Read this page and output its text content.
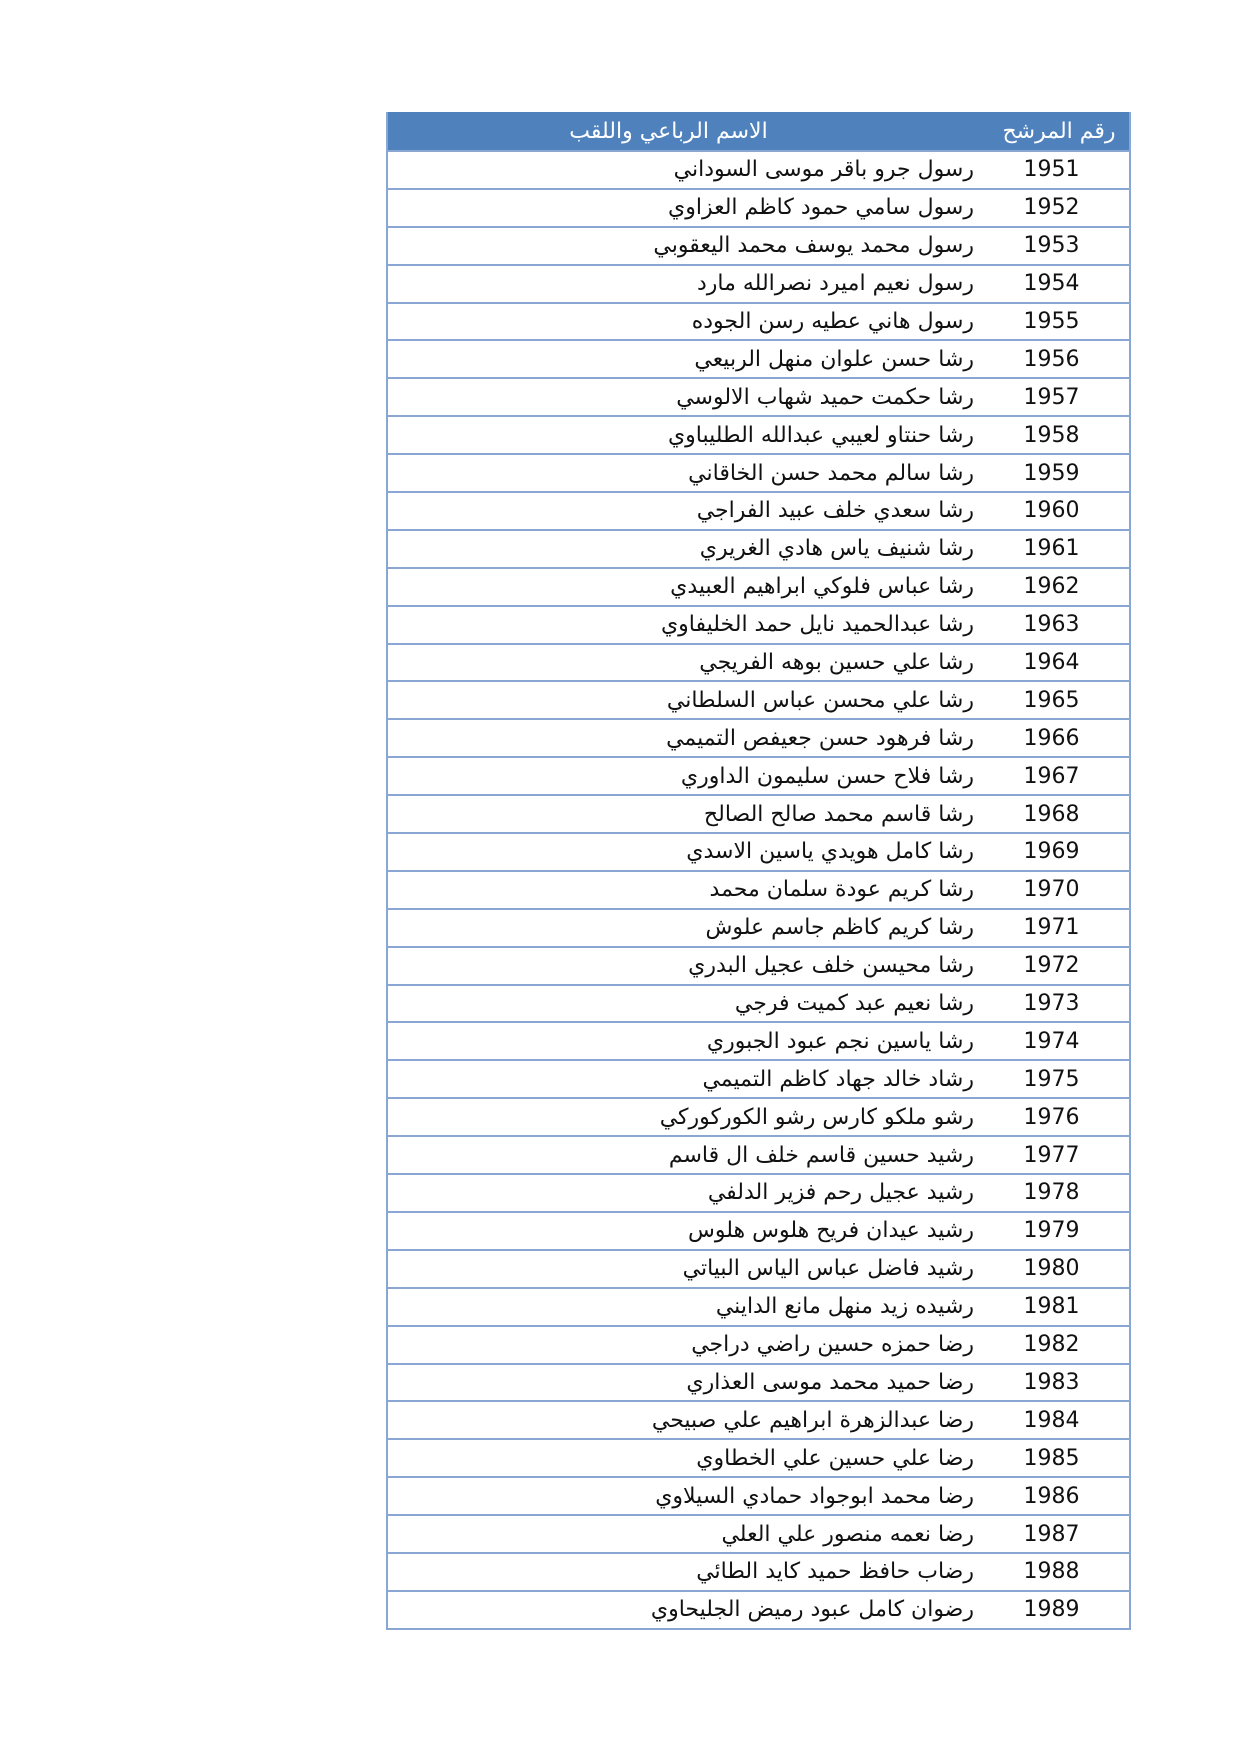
رقم المرشح
الاسم الرباعي واللقب
1951
رسول جرو باقر موسى السوداني
1952
رسول سامي حمود كاظم العزاوي
1953
رسول محمد يوسف محمد اليعقوبي
1954
رسول نعيم اميرد نصرالله مارد
1955
رسول هاني عطيه رسن الجوده
1956
رشا حسن علوان منهل الربيعي
1957
رشا حكمت حميد شهاب الالوسي
1958
رشا حنتاو لعيبي عبدالله الطليباوي
1959
رشا سالم محمد حسن الخاقاني
1960
رشا سعدي خلف عبيد الفراجي
1961
رشا شنيف ياس هادي الغريري
1962
رشا عباس فلوكي ابراهيم العبيدي
1963
رشا عبدالحميد نايل حمد الخليفاوي
1964
رشا علي حسين بوهه الفريجي
1965
رشا علي محسن عباس السلطاني
1966
رشا فرهود حسن جعيفص التميمي
1967
رشا فلاح حسن سليمون الداوري
1968
رشا قاسم محمد صالح الصالح
1969
رشا كامل هويدي ياسين الاسدي
1970
رشا كريم عودة سلمان محمد
1971
رشا كريم كاظم جاسم علوش
1972
رشا محيسن خلف عجيل البدري
1973
رشا نعيم عبد كميت فرجي
1974
رشا ياسين نجم عبود الجبوري
1975
رشاد خالد جهاد كاظم التميمي
1976
رشو ملكو كارس رشو الكوركوركي
1977
رشيد حسين قاسم خلف ال قاسم
1978
رشيد عجيل رحم فزير الدلفي
1979
رشيد عيدان فريح هلوس هلوس
1980
رشيد فاضل عباس الياس البياتي
1981
رشيده زيد منهل مانع الدايني
1982
رضا حمزه حسين راضي دراجي
1983
رضا حميد محمد موسى العذاري
1984
رضا عبدالزهرة ابراهيم علي صبيحي
1985
رضا علي حسين علي الخطاوي
1986
رضا محمد ابوجواد حمادي السيلاوي
1987
رضا نعمه منصور علي العلي
1988
رضاب حافظ حميد كايد الطائي
1989
رضوان كامل عبود رميض الجليحاوي
